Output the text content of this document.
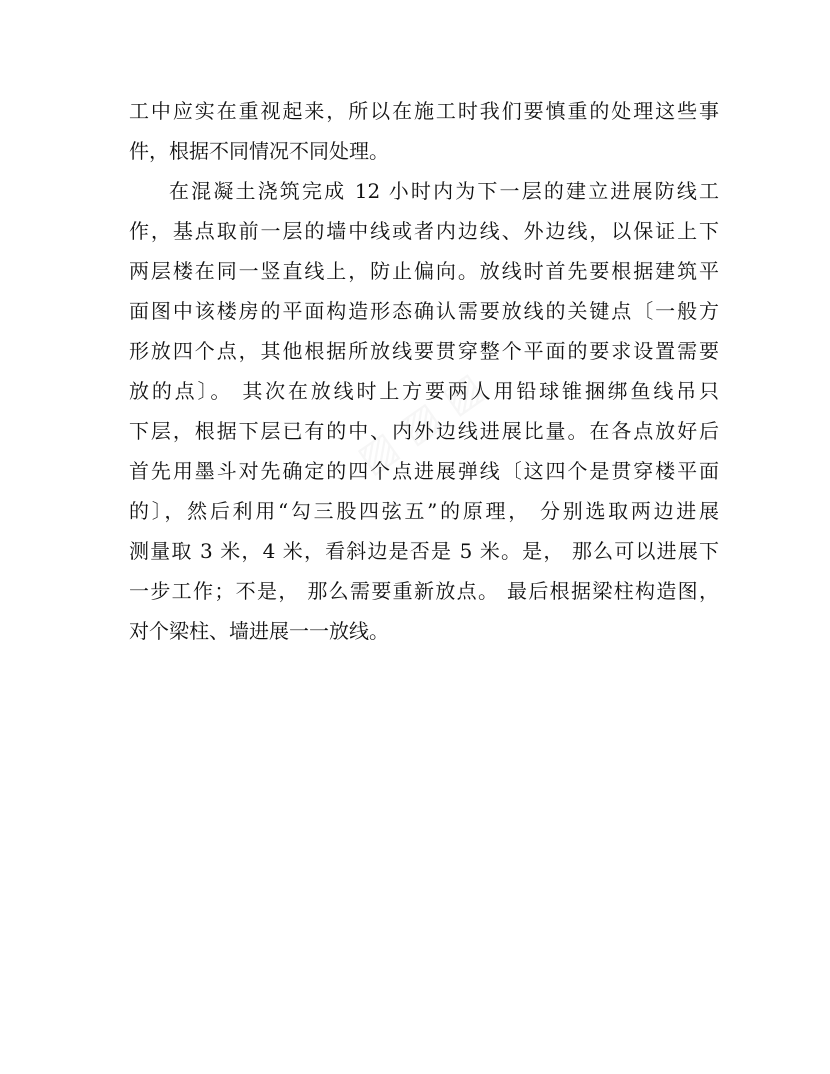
▨ ▨ ▨
工中应实在重视起来，所以在施工时我们要慎重的处理这些事
件，根据不同情况不同处理。
在混凝土浇筑完成 12 小时内为下一层的建立进展防线工
作，基点取前一层的墙中线或者内边线、外边线，以保证上下
两层楼在同一竖直线上，防止偏向。放线时首先要根据建筑平
面图中该楼房的平面构造形态确认需要放线的关键点〔一般方
形放四个点，其他根据所放线要贯穿整个平面的要求设置需要
放的点〕。 其次在放线时上方要两人用铅球锥捆绑鱼线吊只
下层，根据下层已有的中、内外边线进展比量。在各点放好后
首先用墨斗对先确定的四个点进展弹线〔这四个是贯穿楼平面
的〕，然后利用“勾三股四弦五”的原理， 分别选取两边进展
测量取 3 米，4 米，看斜边是否是 5 米。是， 那么可以进展下
一步工作；不是， 那么需要重新放点。 最后根据梁柱构造图，
对个梁柱、墙进展一一放线。
